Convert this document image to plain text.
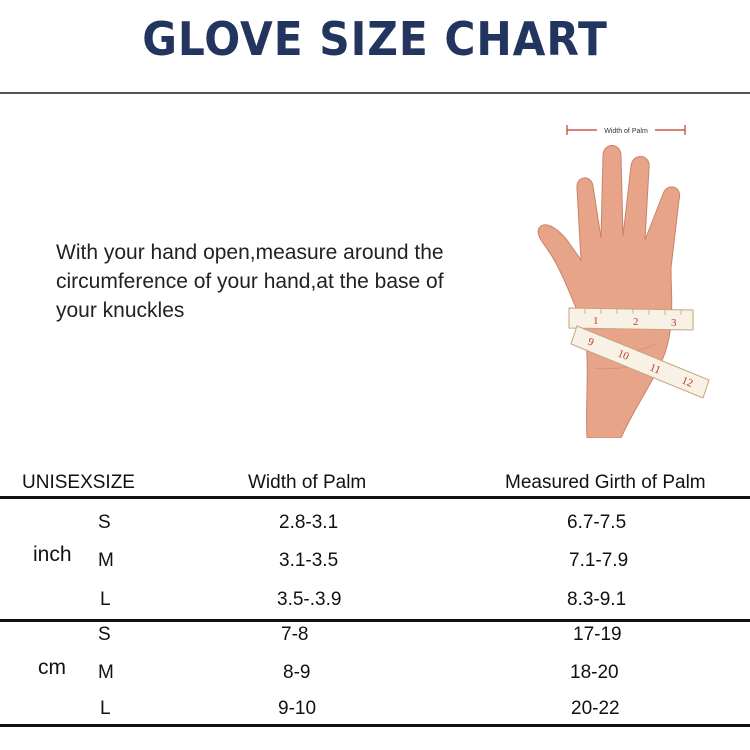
GLOVE SIZE CHART
With your hand open,measure around the circumference of your hand,at the base of your knuckles
Width of Palm
1	2	3
9
10
11
12
UNISEXSIZE	Width of Palm	Measured Girth of Palm
inch
S	2.8-3.1	6.7-7.5
M	3.1-3.5	7.1-7.9
L	3.5-.3.9	8.3-9.1
cm
S	7-8	17-19
M	8-9	18-20
L	9-10	20-22
